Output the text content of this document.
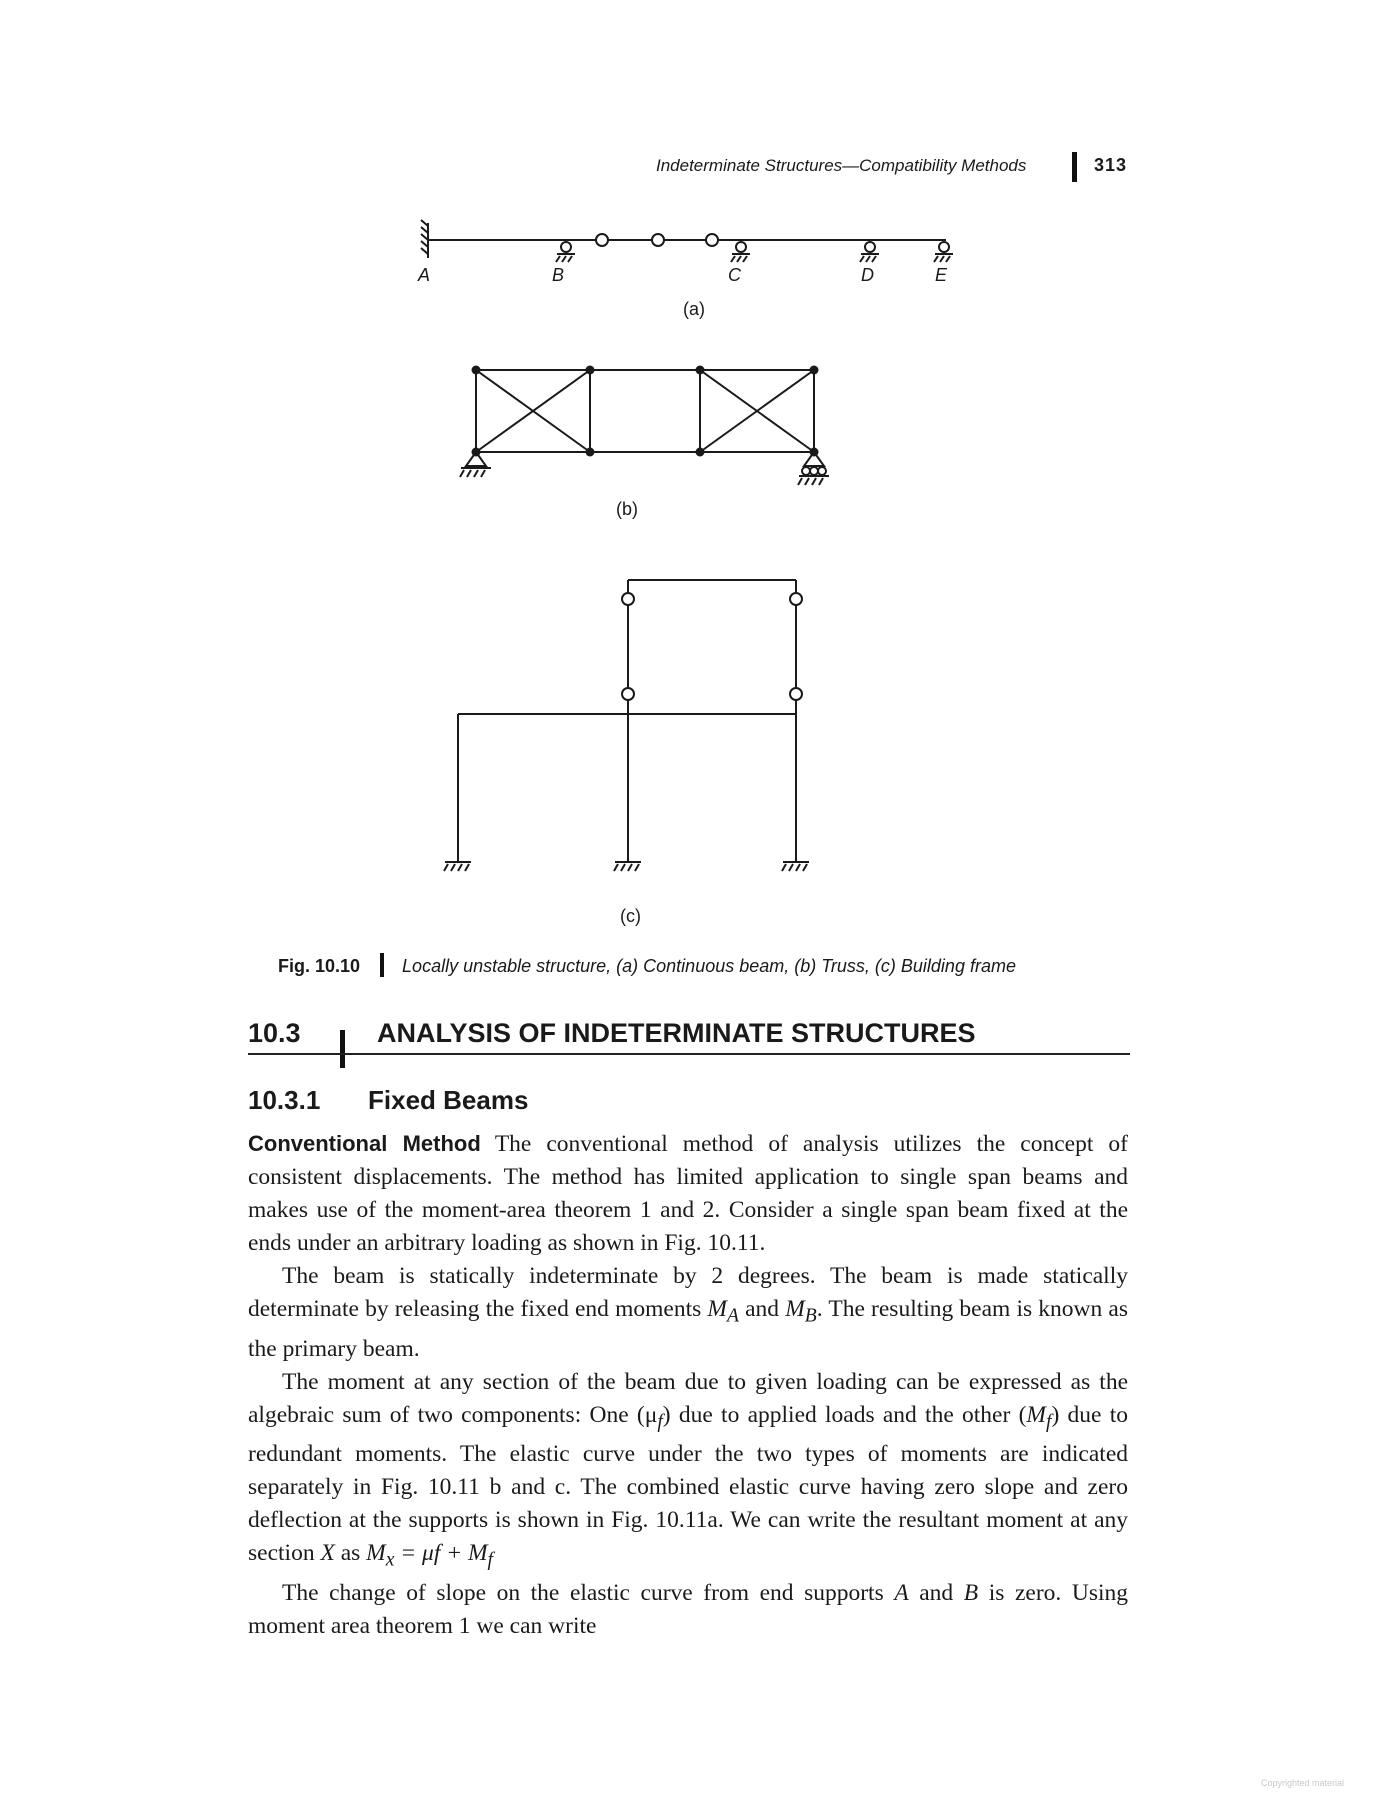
Indeterminate Structures—Compatibility Methods	313
A	B	C	D	E
(a)
(b)
(c)
Fig. 10.10 Locally unstable structure, (a) Continuous beam, (b) Truss, (c) Building frame
10.3	ANALYSIS OF INDETERMINATE STRUCTURES
10.3.1 Fixed Beams

Conventional Method The conventional method of analysis utilizes the concept of consistent displacements. The method has limited application to single span beams and makes use of the moment-area theorem 1 and 2. Consider a single span beam fixed at the ends under an arbitrary loading as shown in Fig. 10.11.

The beam is statically indeterminate by 2 degrees. The beam is made statically determinate by releasing the fixed end moments $M_A$ and $M_B$. The resulting beam is known as the primary beam.

The moment at any section of the beam due to given loading can be expressed as the algebraic sum of two components: One $(\mu_f)$ due to applied loads and the other $(M_f)$ due to redundant moments. The elastic curve under the two types of moments are indicated separately in Fig. 10.11 b and c. The combined elastic curve having zero slope and zero deflection at the supports is shown in Fig. 10.11a. We can write the resultant moment at any section X as $M_x = \mu f + M_f$

The change of slope on the elastic curve from end supports A and B is zero. Using moment area theorem 1 we can write

Copyrighted material
